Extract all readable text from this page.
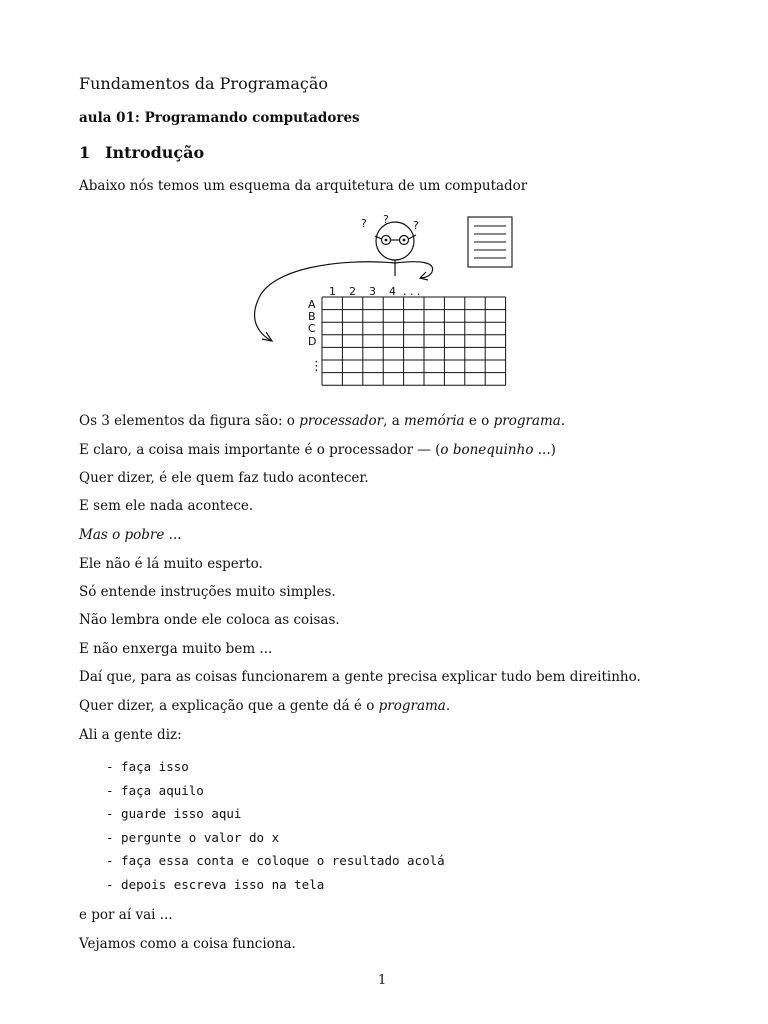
Fundamentos da Programação
aula 01: Programando computadores
1 Introdução
Abaixo nós temos um esquema da arquitetura de um computador
? ? ?
1 2 3 4 . . .
A
B
C
D
⋮
Os 3 elementos da figura são: o processador, a memória e o programa.
E claro, a coisa mais importante é o processador — (o bonequinho ...)
Quer dizer, é ele quem faz tudo acontecer.
E sem ele nada acontece.
Mas o pobre ...
Ele não é lá muito esperto.
Só entende instruções muito simples.
Não lembra onde ele coloca as coisas.
E não enxerga muito bem ...
Daí que, para as coisas funcionarem a gente precisa explicar tudo bem direitinho.
Quer dizer, a explicação que a gente dá é o programa.
Ali a gente diz:
- faça isso
- faça aquilo
- guarde isso aqui
- pergunte o valor do x
- faça essa conta e coloque o resultado acolá
- depois escreva isso na tela
e por aí vai ...
Vejamos como a coisa funciona.
1
